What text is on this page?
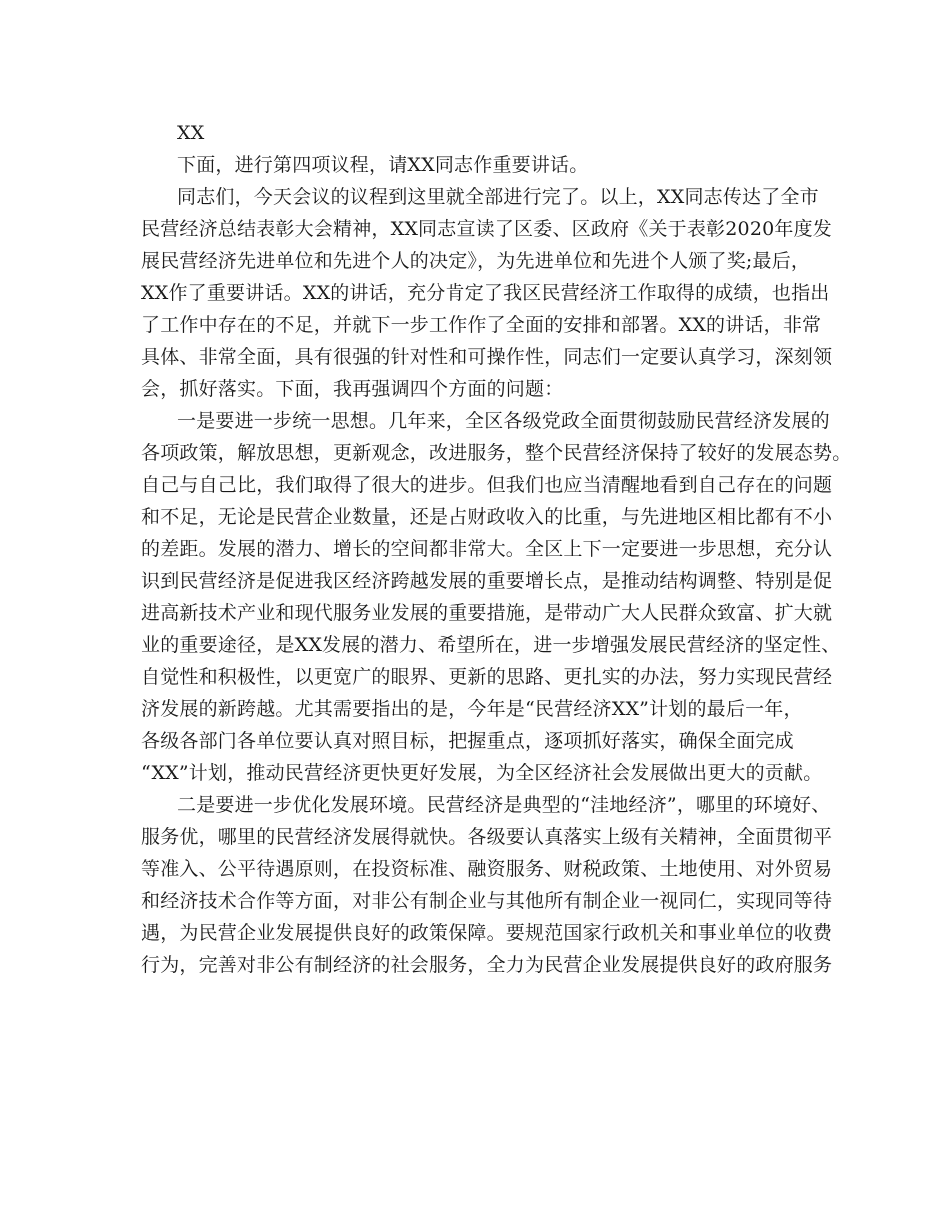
XX
下面，进行第四项议程，请XX同志作重要讲话。
同志们，今天会议的议程到这里就全部进行完了。以上，XX同志传达了全市
民营经济总结表彰大会精神，XX同志宣读了区委、区政府《关于表彰2020年度发
展民营经济先进单位和先进个人的决定》，为先进单位和先进个人颁了奖;最后，
XX作了重要讲话。XX的讲话，充分肯定了我区民营经济工作取得的成绩，也指出
了工作中存在的不足，并就下一步工作作了全面的安排和部署。XX的讲话，非常
具体、非常全面，具有很强的针对性和可操作性，同志们一定要认真学习，深刻领
会，抓好落实。下面，我再强调四个方面的问题：
一是要进一步统一思想。几年来，全区各级党政全面贯彻鼓励民营经济发展的
各项政策，解放思想，更新观念，改进服务，整个民营经济保持了较好的发展态势。
自己与自己比，我们取得了很大的进步。但我们也应当清醒地看到自己存在的问题
和不足，无论是民营企业数量，还是占财政收入的比重，与先进地区相比都有不小
的差距。发展的潜力、增长的空间都非常大。全区上下一定要进一步思想，充分认
识到民营经济是促进我区经济跨越发展的重要增长点，是推动结构调整、特别是促
进高新技术产业和现代服务业发展的重要措施，是带动广大人民群众致富、扩大就
业的重要途径，是XX发展的潜力、希望所在，进一步增强发展民营经济的坚定性、
自觉性和积极性，以更宽广的眼界、更新的思路、更扎实的办法，努力实现民营经
济发展的新跨越。尤其需要指出的是，今年是“民营经济XX”计划的最后一年，
各级各部门各单位要认真对照目标，把握重点，逐项抓好落实，确保全面完成
“XX”计划，推动民营经济更快更好发展，为全区经济社会发展做出更大的贡献。
二是要进一步优化发展环境。民营经济是典型的“洼地经济”，哪里的环境好、
服务优，哪里的民营经济发展得就快。各级要认真落实上级有关精神，全面贯彻平
等准入、公平待遇原则，在投资标准、融资服务、财税政策、土地使用、对外贸易
和经济技术合作等方面，对非公有制企业与其他所有制企业一视同仁，实现同等待
遇，为民营企业发展提供良好的政策保障。要规范国家行政机关和事业单位的收费
行为，完善对非公有制经济的社会服务，全力为民营企业发展提供良好的政府服务
